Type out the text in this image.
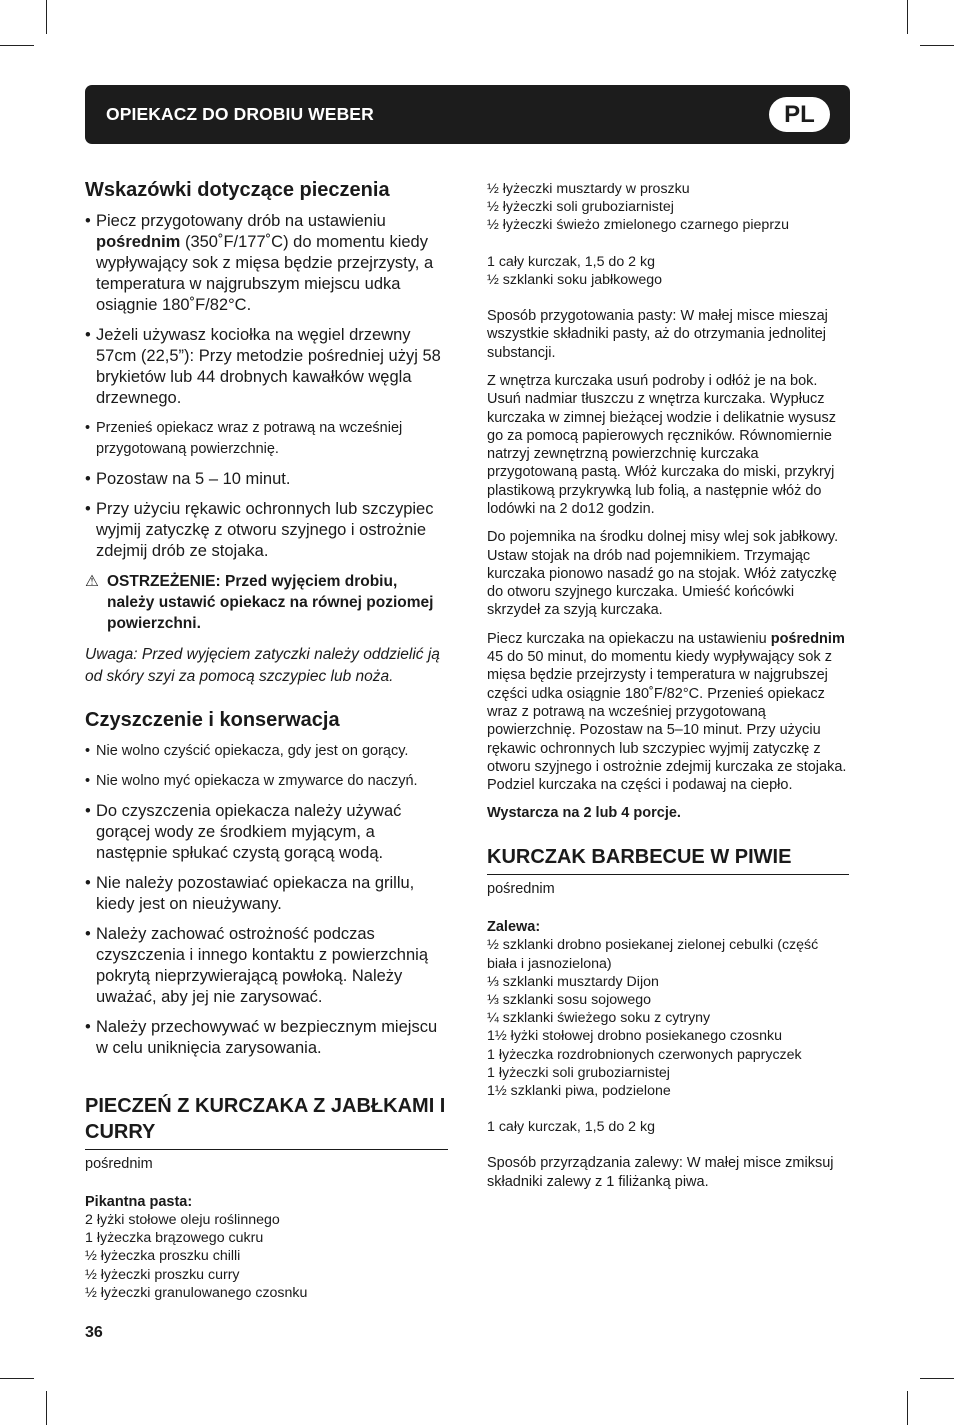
OPIEKACZ DO DROBIU WEBER	PL
Wskazówki dotyczące pieczenia
• Piecz przygotowany drób na ustawieniu pośrednim (350˚F/177˚C) do momentu kiedy wypływający sok z mięsa będzie przejrzysty, a temperatura w najgrubszym miejscu udka osiągnie 180˚F/82°C.
• Jeżeli używasz kociołka na węgiel drzewny 57cm (22,5”): Przy metodzie pośredniej użyj 58 brykietów lub 44 drobnych kawałków węgla drzewnego.
• Przenieś opiekacz wraz z potrawą na wcześniej przygotowaną powierzchnię.
• Pozostaw na 5 – 10 minut.
• Przy użyciu rękawic ochronnych lub szczypiec wyjmij zatyczkę z otworu szyjnego i ostrożnie zdejmij drób ze stojaka.
⚠ OSTRZEŻENIE: Przed wyjęciem drobiu, należy ustawić opiekacz na równej poziomej powierzchni.
Uwaga: Przed wyjęciem zatyczki należy oddzielić ją od skóry szyi za pomocą szczypiec lub noża.
Czyszczenie i konserwacja
• Nie wolno czyścić opiekacza, gdy jest on gorący.
• Nie wolno myć opiekacza w zmywarce do naczyń.
• Do czyszczenia opiekacza należy używać gorącej wody ze środkiem myjącym, a następnie spłukać czystą gorącą wodą.
• Nie należy pozostawiać opiekacza na grillu, kiedy jest on nieużywany.
• Należy zachować ostrożność podczas czyszczenia i innego kontaktu z powierzchnią pokrytą nieprzywierającą powłoką. Należy uważać, aby jej nie zarysować.
• Należy przechowywać w bezpiecznym miejscu w celu uniknięcia zarysowania.
PIECZEŃ Z KURCZAKA Z JABŁKAMI I CURRY
pośrednim
Pikantna pasta:
2 łyżki stołowe oleju roślinnego
1 łyżeczka brązowego cukru
½ łyżeczka proszku chilli
½ łyżeczki proszku curry
½ łyżeczki granulowanego czosnku
36
½ łyżeczki musztardy w proszku
½ łyżeczki soli gruboziarnistej
½ łyżeczki świeżo zmielonego czarnego pieprzu
1 cały kurczak, 1,5 do 2 kg
½ szklanki soku jabłkowego
Sposób przygotowania pasty: W małej misce mieszaj wszystkie składniki pasty, aż do otrzymania jednolitej substancji.
Z wnętrza kurczaka usuń podroby i odłóż je na bok. Usuń nadmiar tłuszczu z wnętrza kurczaka. Wypłucz kurczaka w zimnej bieżącej wodzie i delikatnie wysusz go za pomocą papierowych ręczników. Równomiernie natrzyj zewnętrzną powierzchnię kurczaka przygotowaną pastą. Włóż kurczaka do miski, przykryj plastikową przykrywką lub folią, a następnie włóż do lodówki na 2 do12 godzin.
Do pojemnika na środku dolnej misy wlej sok jabłkowy. Ustaw stojak na drób nad pojemnikiem. Trzymając kurczaka pionowo nasadź go na stojak. Włóż zatyczkę do otworu szyjnego kurczaka. Umieść końcówki skrzydeł za szyją kurczaka.
Piecz kurczaka na opiekaczu na ustawieniu pośrednim 45 do 50 minut, do momentu kiedy wypływający sok z mięsa będzie przejrzysty i temperatura w najgrubszej części udka osiągnie 180˚F/82°C. Przenieś opiekacz wraz z potrawą na wcześniej przygotowaną powierzchnię. Pozostaw na 5–10 minut. Przy użyciu rękawic ochronnych lub szczypiec wyjmij zatyczkę z otworu szyjnego i ostrożnie zdejmij kurczaka ze stojaka. Podziel kurczaka na części i podawaj na ciepło.
Wystarcza na 2 lub 4 porcje.
KURCZAK BARBECUE W PIWIE
pośrednim
Zalewa:
½ szklanki drobno posiekanej zielonej cebulki (część biała i jasnozielona)
⅓ szklanki musztardy Dijon
⅓ szklanki sosu sojowego
¼ szklanki świeżego soku z cytryny
1½ łyżki stołowej drobno posiekanego czosnku
1 łyżeczka rozdrobnionych czerwonych papryczek
1 łyżeczki soli gruboziarnistej
1½ szklanki piwa, podzielone
1 cały kurczak, 1,5 do 2 kg
Sposób przyrządzania zalewy: W małej misce zmiksuj składniki zalewy z 1 filiżanką piwa.
